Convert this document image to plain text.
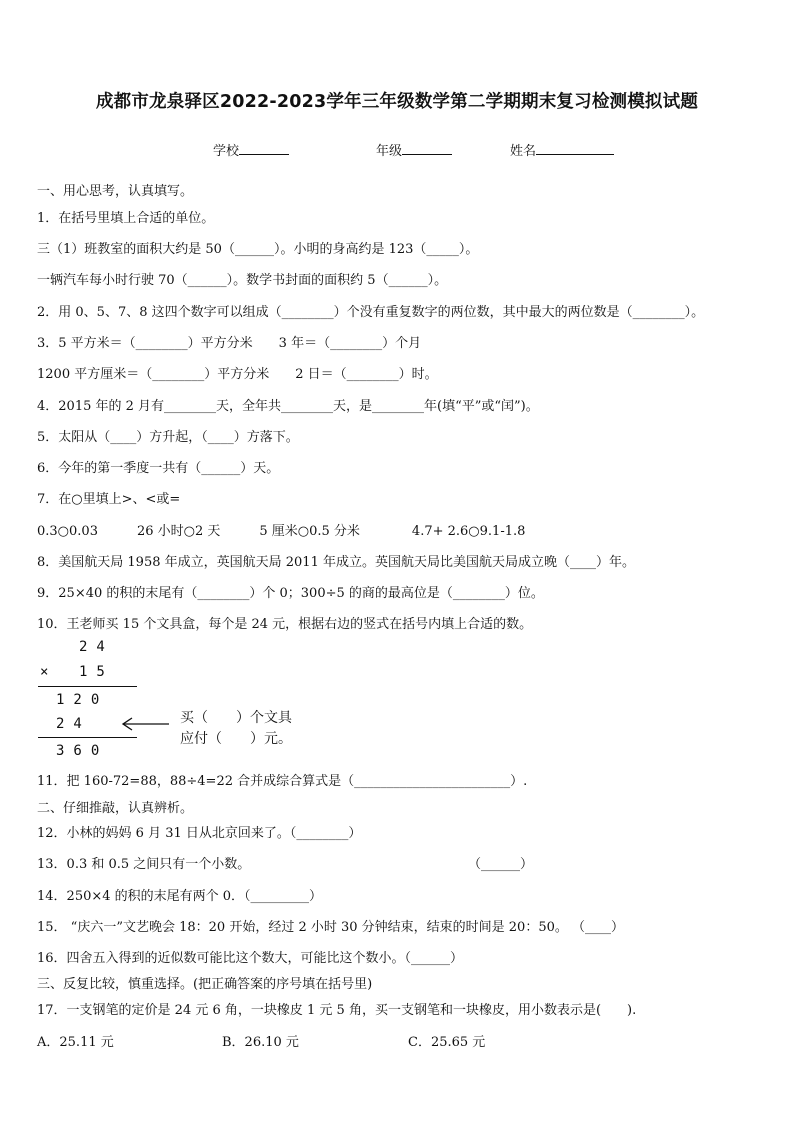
成都市龙泉驿区2022-2023学年三年级数学第二学期期末复习检测模拟试题
学校	年级	姓名
一、用心思考，认真填写。
1．在括号里填上合适的单位。
三（1）班教室的面积大约是 50（______）。小明的身高约是 123（_____）。
一辆汽车每小时行驶 70（______）。数学书封面的面积约 5（______）。
2．用 0、5、7、8 这四个数字可以组成（________）个没有重复数字的两位数，其中最大的两位数是（________）。
3．5 平方米＝（________）平方分米　　3 年＝（________）个月
1200 平方厘米＝（________）平方分米　　2 日＝（________）时。
4．2015 年的 2 月有________天，全年共________天，是________年(填“平”或“闰”)。
5．太阳从（____）方升起，（____）方落下。
6．今年的第一季度一共有（______）天。
7．在○里填上>、<或=
0.3○0.03　　　26 小时○2 天　　　5 厘米○0.5 分米　　　　4.7+ 2.6○9.1-1.8
8．美国航天局 1958 年成立，英国航天局 2011 年成立。英国航天局比美国航天局成立晚（____）年。
9．25×40 的积的末尾有（________）个 0；300÷5 的商的最高位是（________）位。
10．王老师买 15 个文具盒，每个是 24 元，根据右边的竖式在括号内填上合适的数。
24
× 15
120
24
360
买（　　）个文具
应付（　　）元。
11．把 160-72=88，88÷4=22 合并成综合算式是（________________________）.
二、仔细推敲，认真辨析。
12．小林的妈妈 6 月 31 日从北京回来了。（________）
13．0.3 和 0.5 之间只有一个小数。	（______）
14．250×4 的积的末尾有两个 0．（_________）
15． “庆六一”文艺晚会 18：20 开始，经过 2 小时 30 分钟结束，结束的时间是 20：50。 （____）
16．四舍五入得到的近似数可能比这个数大，可能比这个数小。（______）
三、反复比较，慎重选择。(把正确答案的序号填在括号里)
17．一支钢笔的定价是 24 元 6 角，一块橡皮 1 元 5 角，买一支钢笔和一块橡皮，用小数表示是(　　).
A．25.11 元	B．26.10 元	C．25.65 元
